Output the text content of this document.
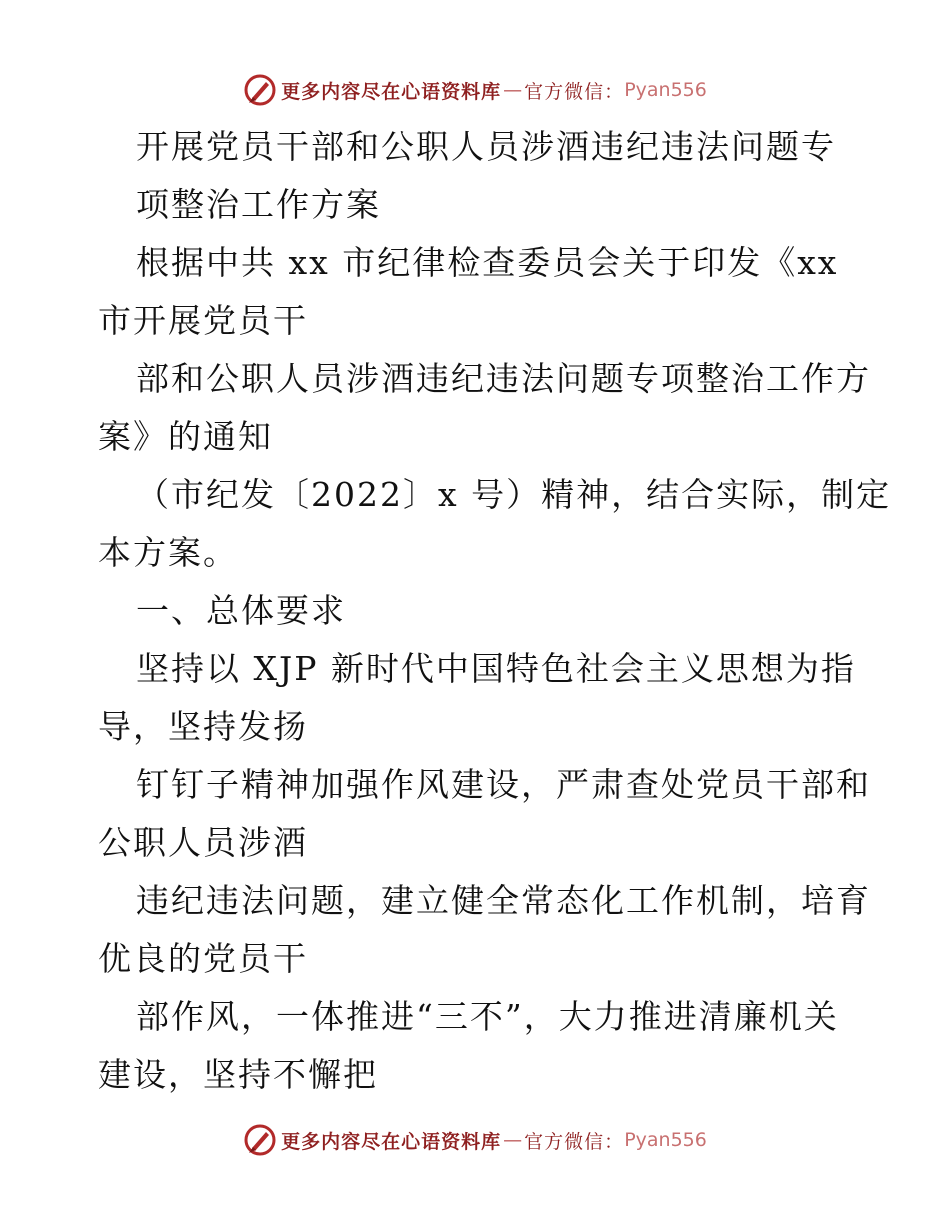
更多内容尽在心语资料库 — 官方微信： Pyan556
开展党员干部和公职人员涉酒违纪违法问题专
项整治工作方案
根据中共 xx 市纪律检查委员会关于印发《xx
市开展党员干
部和公职人员涉酒违纪违法问题专项整治工作方
案》的通知
（市纪发〔2022〕x 号）精神，结合实际，制定
本方案。
一、总体要求
坚持以 XJP 新时代中国特色社会主义思想为指
导，坚持发扬
钉钉子精神加强作风建设，严肃查处党员干部和
公职人员涉酒
违纪违法问题，建立健全常态化工作机制，培育
优良的党员干
部作风，一体推进“三不”，大力推进清廉机关
建设，坚持不懈把
更多内容尽在心语资料库 — 官方微信： Pyan556
